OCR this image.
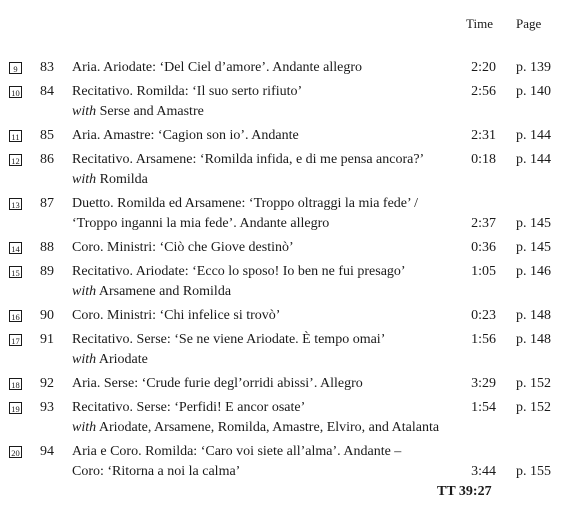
Time Page
9	83 Aria. Ariodate: ‘Del Ciel d’amore’. Andante allegro	2:20 p. 139
10 84 Recitativo. Romilda: ‘Il suo serto rifiuto’
with Serse and Amastre
2:56 p. 140
11 85 Aria. Amastre: ‘Cagion son io’. Andante	2:31 p. 144
12 86 Recitativo. Arsamene: ‘Romilda infida, e di me pensa ancora?’
with Romilda
0:18 p. 144
13 87 Duetto. Romilda ed Arsamene: ‘Troppo oltraggi la mia fede’ /
‘Troppo inganni la mia fede’. Andante allegro	2:37 p. 145
14 88 Coro. Ministri: ‘Ciò che Giove destinò’	0:36 p. 145
15 89 Recitativo. Ariodate: ‘Ecco lo sposo! Io ben ne fui presago’
with Arsamene and Romilda
1:05 p. 146
16 90 Coro. Ministri: ‘Chi infelice si trovò’	0:23 p. 148
17 91 Recitativo. Serse: ‘Se ne viene Ariodate. È tempo omai’
with Ariodate
1:56 p. 148
18 92 Aria. Serse: ‘Crude furie degl’orridi abissi’. Allegro	3:29 p. 152
19 93 Recitativo. Serse: ‘Perfidi! E ancor osate’
with Ariodate, Arsamene, Romilda, Amastre, Elviro, and Atalanta
1:54 p. 152
20 94 Aria e Coro. Romilda: ‘Caro voi siete all’alma’. Andante –
Coro: ‘Ritorna a noi la calma’	3:44 p. 155
TT 39:27
